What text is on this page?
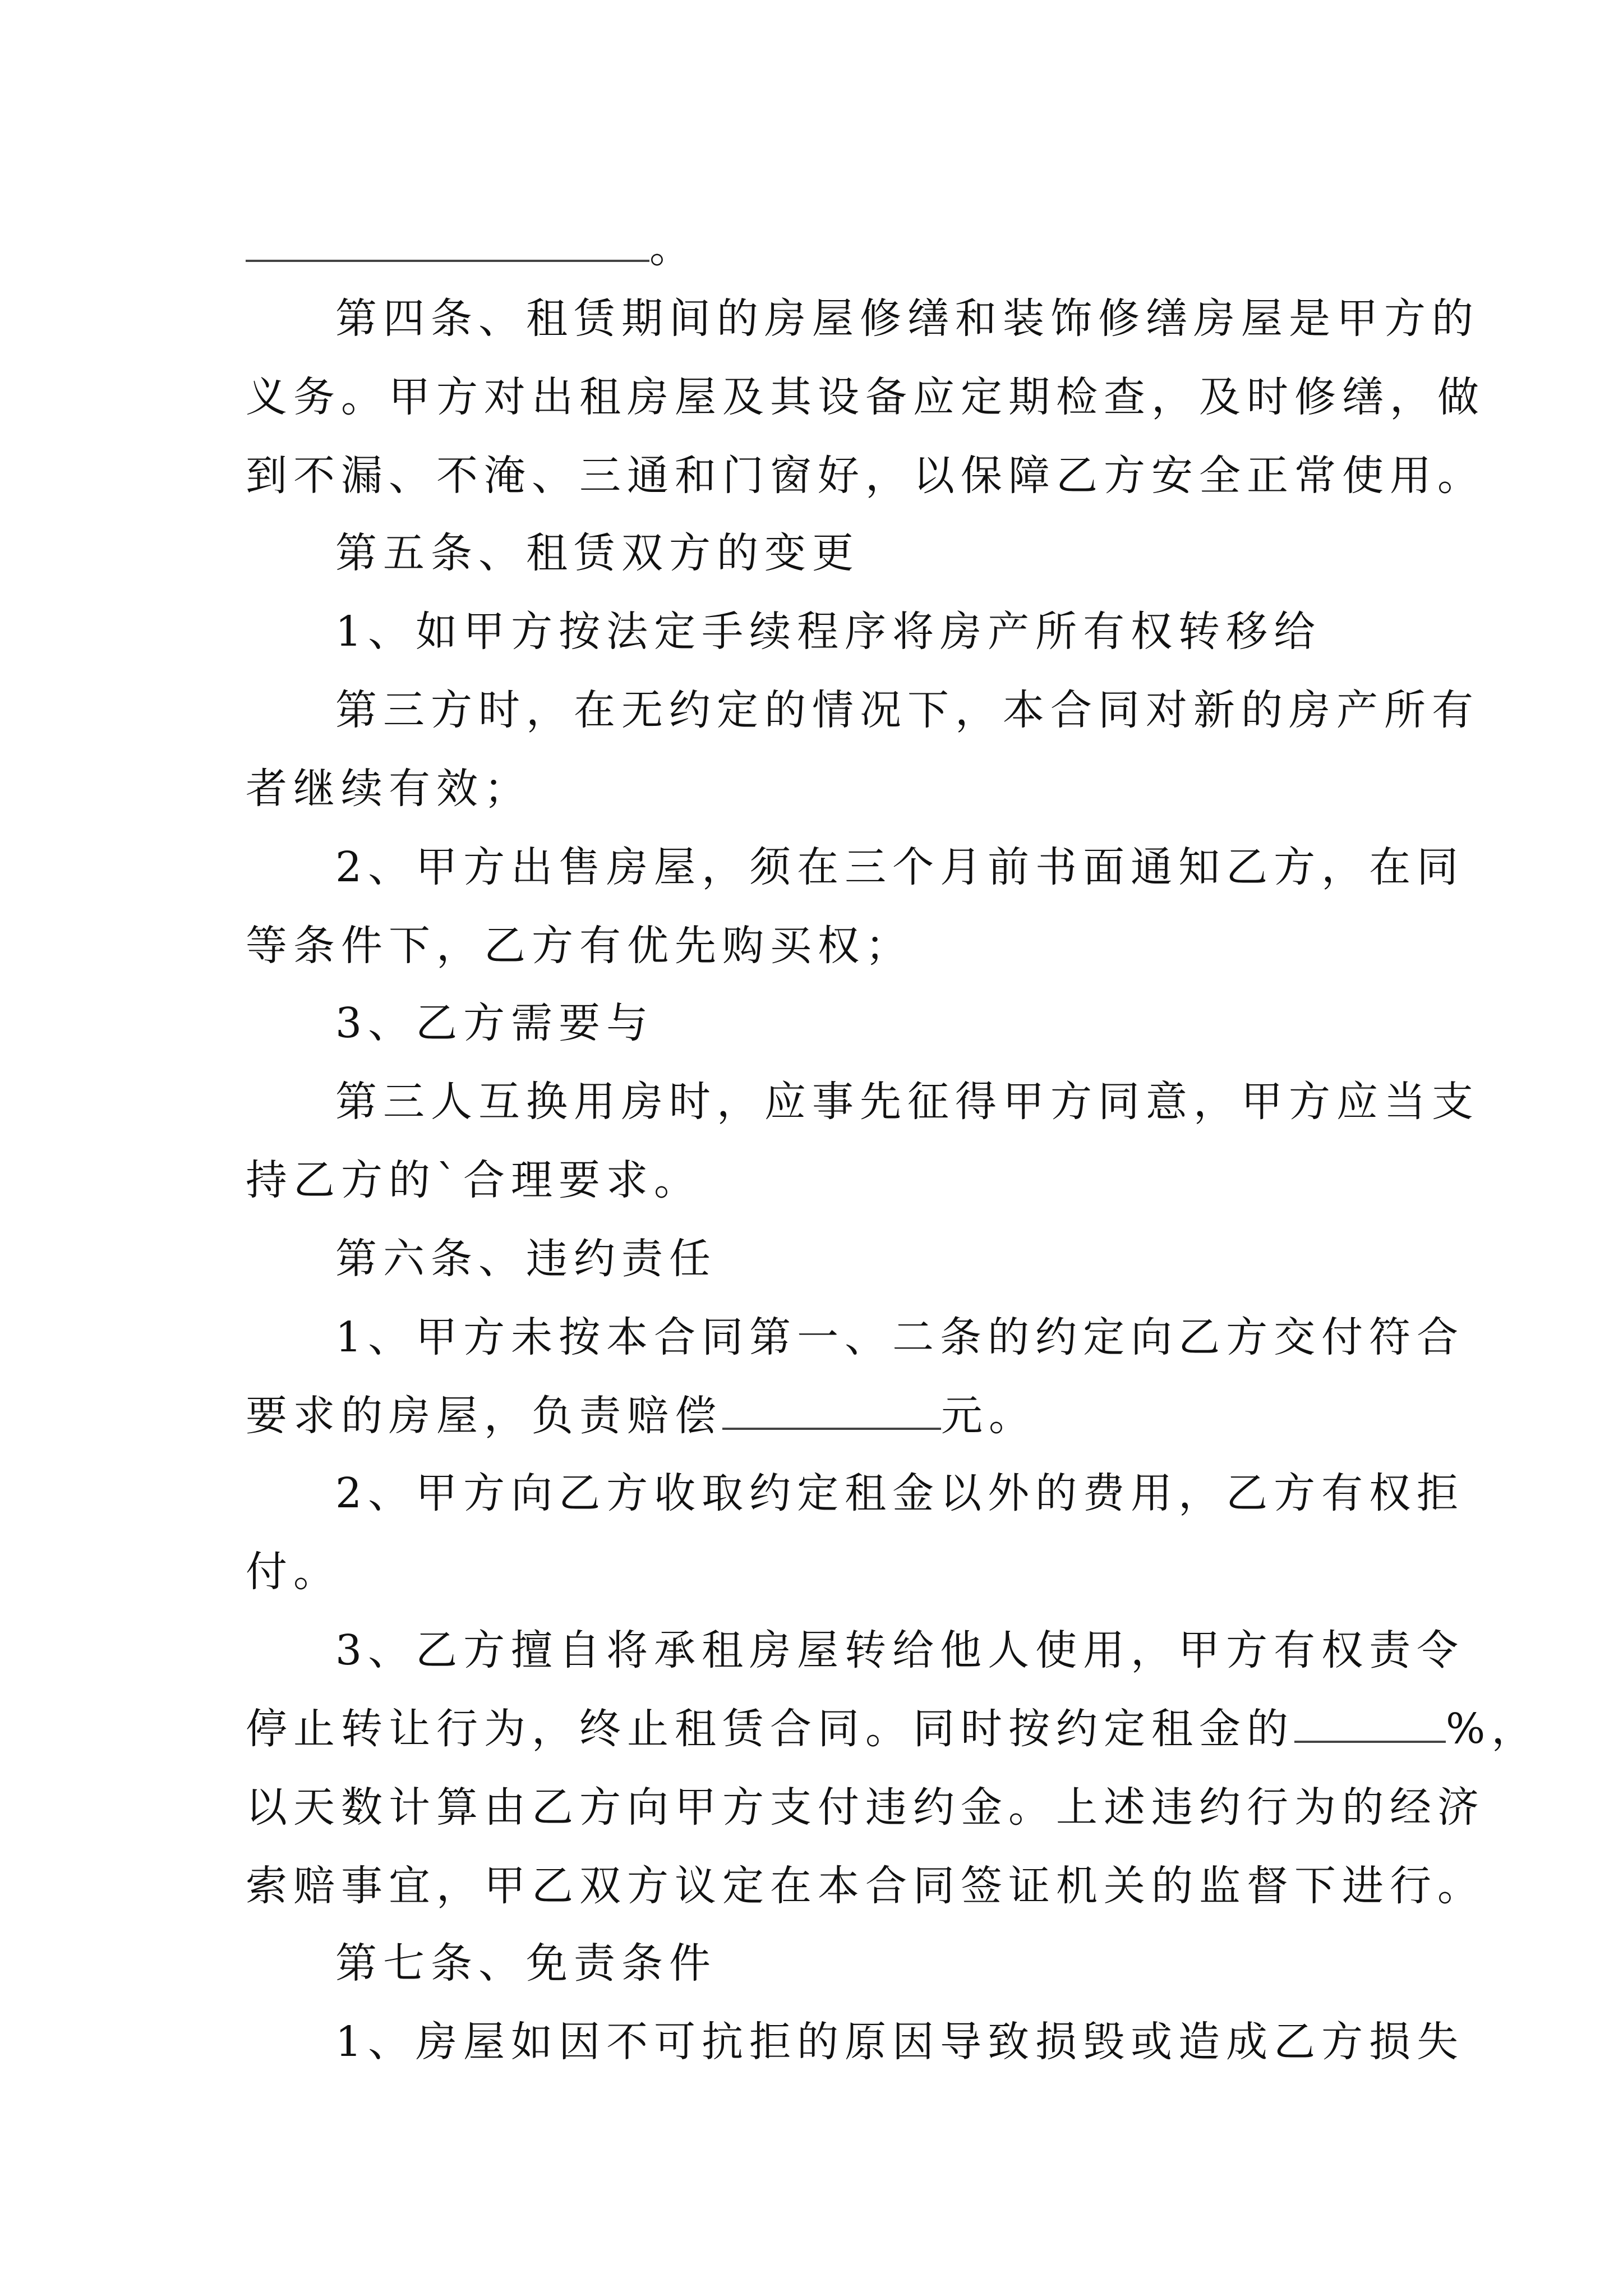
。
第四条、租赁期间的房屋修缮和装饰修缮房屋是甲方的
义务。甲方对出租房屋及其设备应定期检查，及时修缮，做
到不漏、不淹、三通和门窗好，以保障乙方安全正常使用。
第五条、租赁双方的变更
1、如甲方按法定手续程序将房产所有权转移给
第三方时，在无约定的情况下，本合同对新的房产所有
者继续有效；
2、甲方出售房屋，须在三个月前书面通知乙方，在同
等条件下，乙方有优先购买权；
3、乙方需要与
第三人互换用房时，应事先征得甲方同意，甲方应当支
持乙方的`合理要求。
第六条、违约责任
1、甲方未按本合同第一、二条的约定向乙方交付符合
要求的房屋，负责赔偿	元。
2、甲方向乙方收取约定租金以外的费用，乙方有权拒
付。
3、乙方擅自将承租房屋转给他人使用，甲方有权责令
停止转让行为，终止租赁合同。同时按约定租金的	%，
以天数计算由乙方向甲方支付违约金。上述违约行为的经济
索赔事宜，甲乙双方议定在本合同签证机关的监督下进行。
第七条、免责条件
1、房屋如因不可抗拒的原因导致损毁或造成乙方损失
